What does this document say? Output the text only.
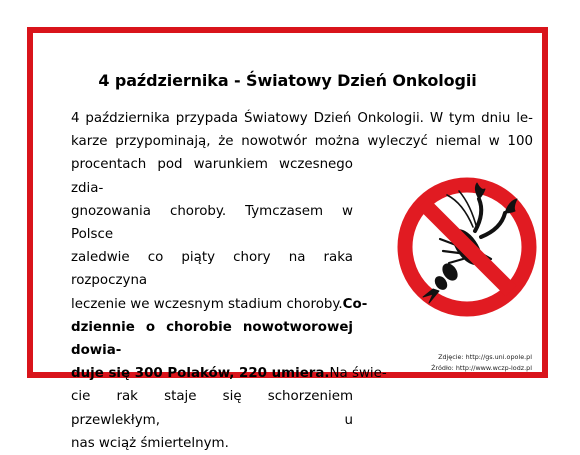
4 października - Światowy Dzień Onkologii
4 października przypada Światowy Dzień Onkologii. W tym dniu le-
karze przypominają, że nowotwór można wyleczyć niemal w 100
procentach pod warunkiem wczesnego zdia-
gnozowania choroby. Tymczasem w Polsce
zaledwie co piąty chory na raka rozpoczyna
leczenie we wczesnym stadium choroby. Co-
dziennie o chorobie nowotworowej dowia-
duje się 300 Polaków, 220 umiera. Na świe-
cie rak staje się schorzeniem przewlekłym, u
nas wciąż śmiertelnym.
Zdjęcie: http://gs.uni.opole.pl
Źródło: http://www.wczp-lodz.pl
